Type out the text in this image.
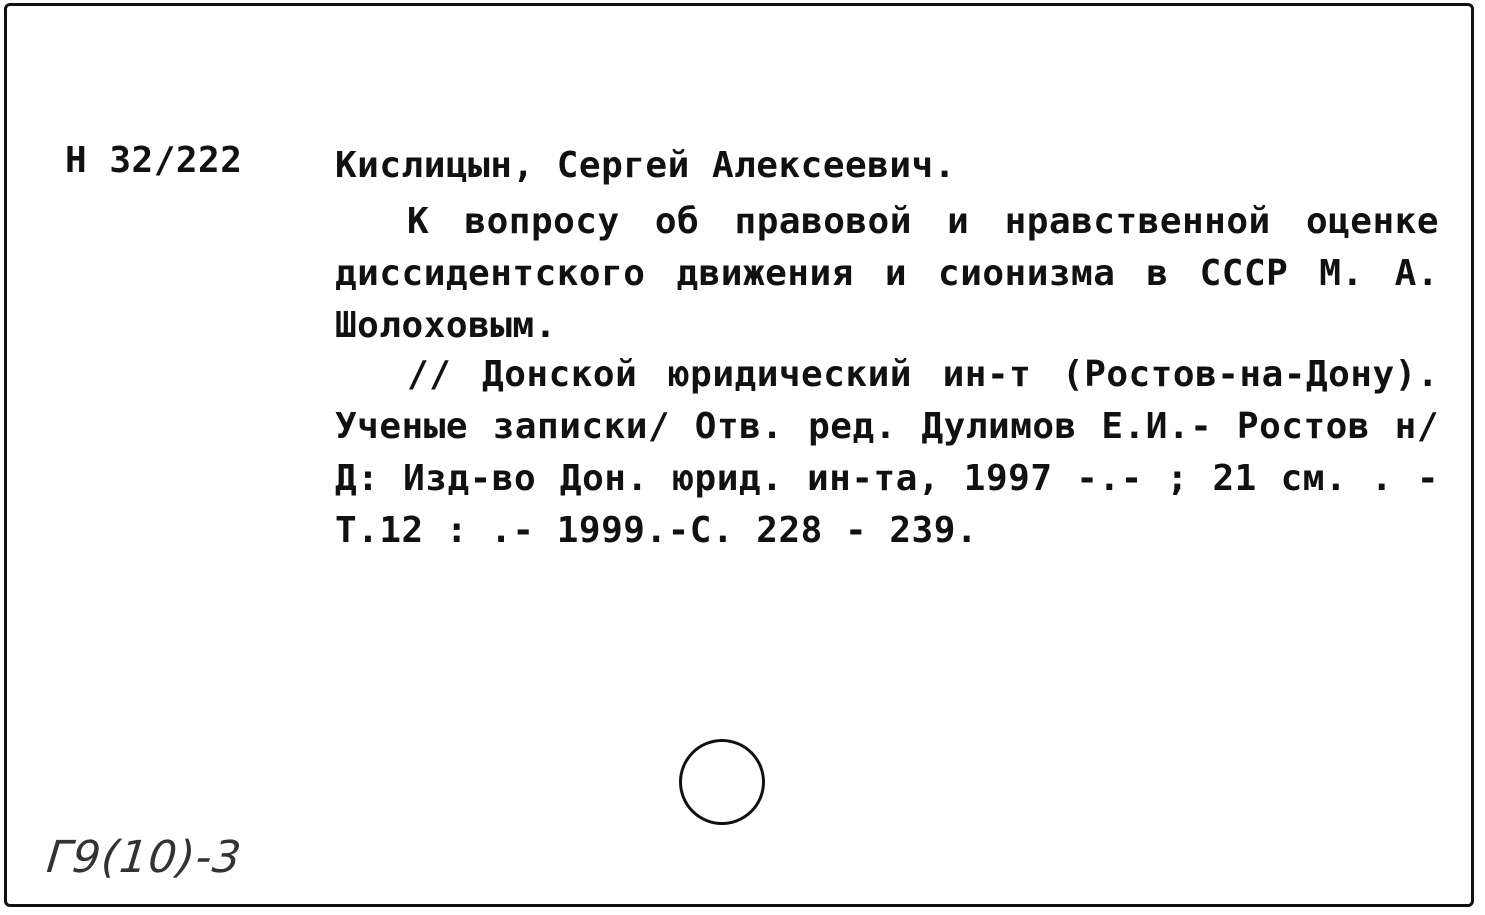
Н 32/222	Кислицын, Сергей Алексеевич.

К вопросу об правовой и нравственной оценке диссидентского движения и сионизма в СССР М. А. Шолоховым.

// Донской юридический ин-т (Ростов-на-Дону). Ученые записки/ Отв. ред. Дулимов Е.И.- Ростов н/Д: Изд-во Дон. юрид. ин-та, 1997 -.- ; 21 см. . - Т.12 : .- 1999.-С. 228 - 239.

Г9(10)-3
